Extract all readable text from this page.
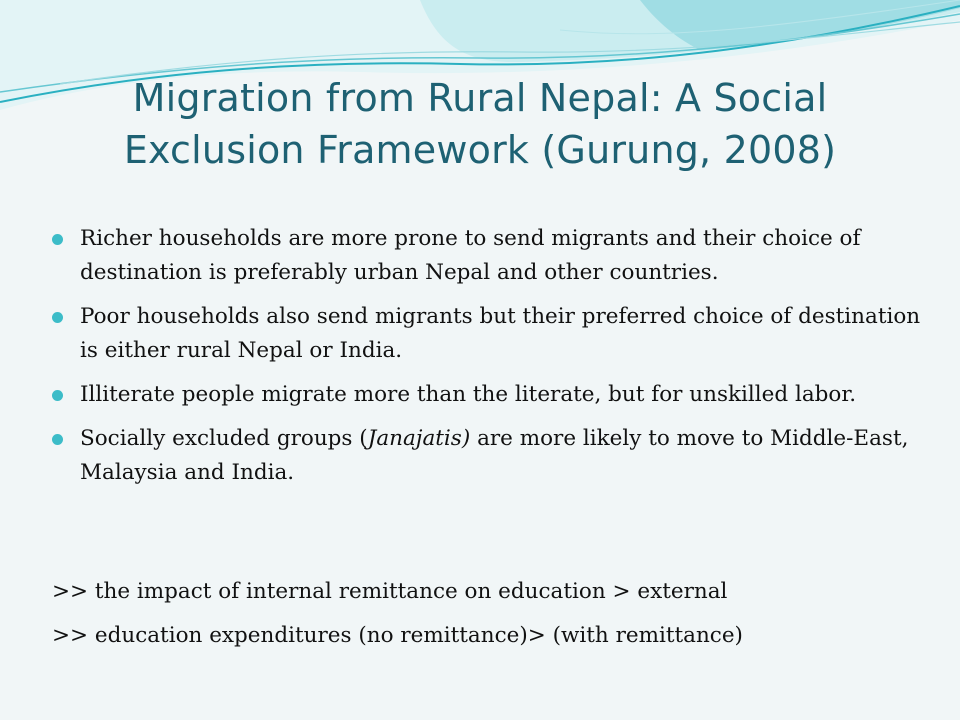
Migration from Rural Nepal: A Social Exclusion Framework (Gurung, 2008)
Richer households are more prone to send migrants and their choice of destination is preferably urban Nepal and other countries.
Poor households also send migrants but their preferred choice of destination is either rural Nepal or India.
Illiterate people migrate more than the literate, but for unskilled labor.
Socially excluded groups (Janajatis) are more likely to move to Middle-East, Malaysia and India.

>> the impact of internal remittance on education > external

>> education expenditures (no remittance)> (with remittance)
